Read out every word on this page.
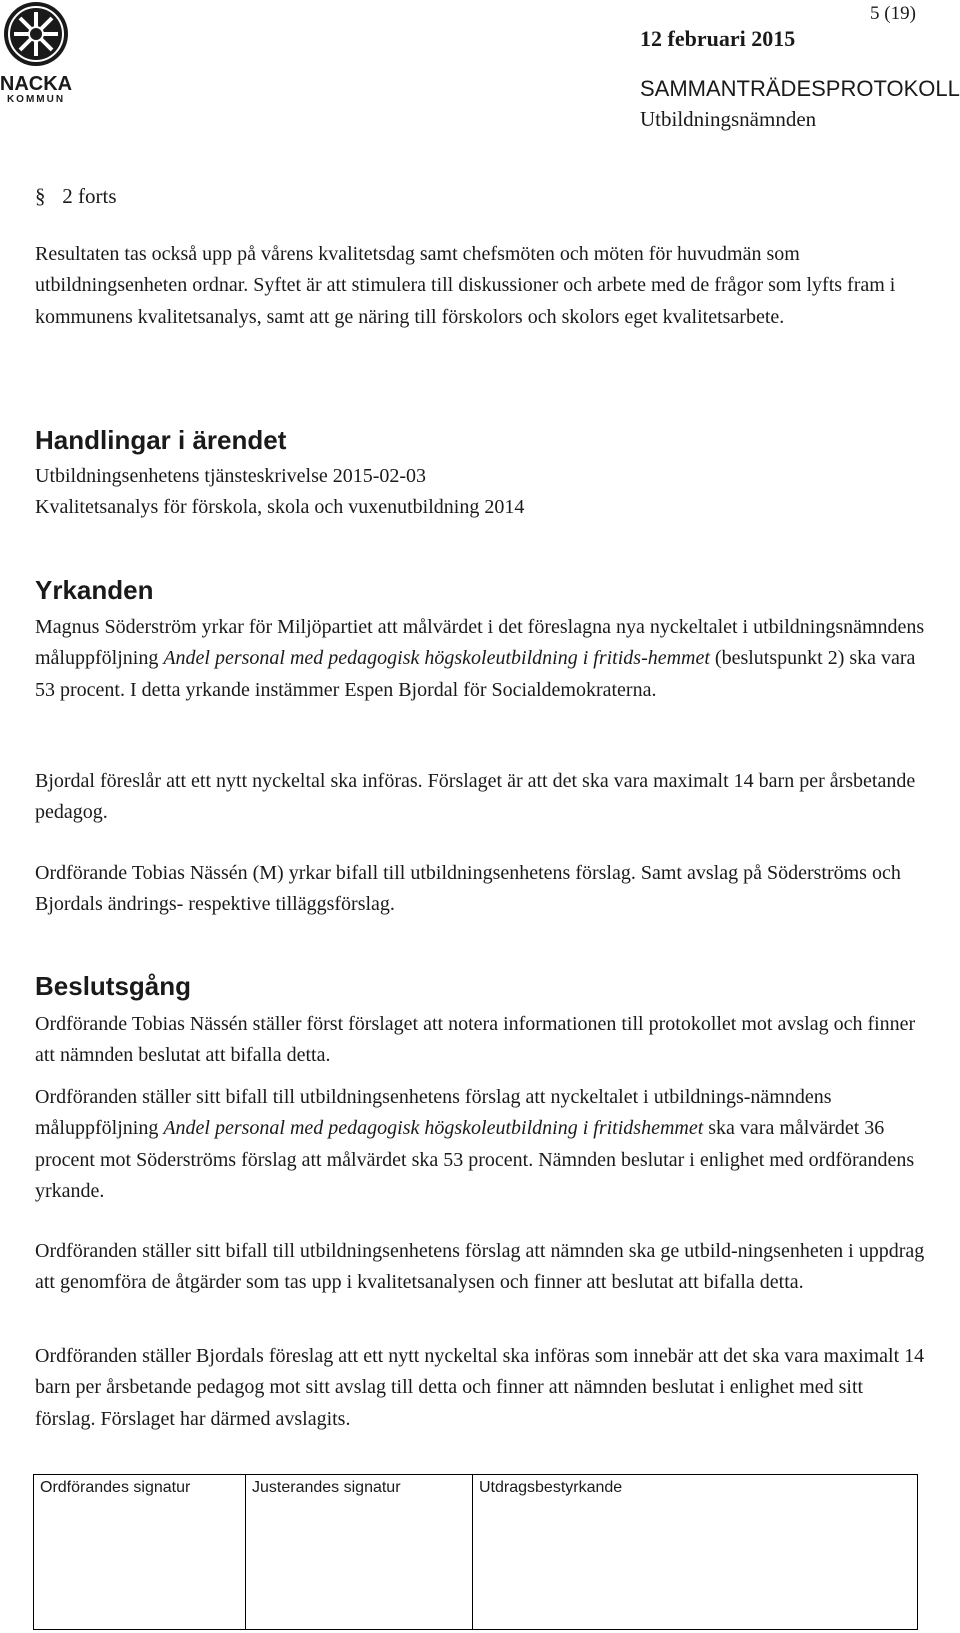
NACKA
KOMMUN
5 (19)
12 februari 2015
SAMMANTRÄDESPROTOKOLL
Utbildningsnämnden
§ 2 forts

Resultaten tas också upp på vårens kvalitetsdag samt chefsmöten och möten för huvudmän som utbildningsenheten ordnar. Syftet är att stimulera till diskussioner och arbete med de frågor som lyfts fram i kommunens kvalitetsanalys, samt att ge näring till förskolors och skolors eget kvalitetsarbete.

Handlingar i ärendet
Utbildningsenhetens tjänsteskrivelse 2015-02-03
Kvalitetsanalys för förskola, skola och vuxenutbildning 2014
Yrkanden

Magnus Söderström yrkar för Miljöpartiet att målvärdet i det föreslagna nya nyckeltalet i utbildningsnämndens måluppföljning Andel personal med pedagogisk högskoleutbildning i fritids-hemmet (beslutspunkt 2) ska vara 53 procent. I detta yrkande instämmer Espen Bjordal för Socialdemokraterna.

Bjordal föreslår att ett nytt nyckeltal ska införas. Förslaget är att det ska vara maximalt 14 barn per årsbetande pedagog.

Ordförande Tobias Nässén (M) yrkar bifall till utbildningsenhetens förslag. Samt avslag på Söderströms och Bjordals ändrings- respektive tilläggsförslag.

Beslutsgång

Ordförande Tobias Nässén ställer först förslaget att notera informationen till protokollet mot avslag och finner att nämnden beslutat att bifalla detta.

Ordföranden ställer sitt bifall till utbildningsenhetens förslag att nyckeltalet i utbildnings-nämndens måluppföljning Andel personal med pedagogisk högskoleutbildning i fritidshemmet ska vara målvärdet 36 procent mot Söderströms förslag att målvärdet ska 53 procent. Nämnden beslutar i enlighet med ordförandens yrkande.

Ordföranden ställer sitt bifall till utbildningsenhetens förslag att nämnden ska ge utbild-ningsenheten i uppdrag att genomföra de åtgärder som tas upp i kvalitetsanalysen och finner att beslutat att bifalla detta.

Ordföranden ställer Bjordals föreslag att ett nytt nyckeltal ska införas som innebär att det ska vara maximalt 14 barn per årsbetande pedagog mot sitt avslag till detta och finner att nämnden beslutat i enlighet med sitt förslag. Förslaget har därmed avslagits.

Ordförandes signatur	Justerandes signatur	Utdragsbestyrkande
